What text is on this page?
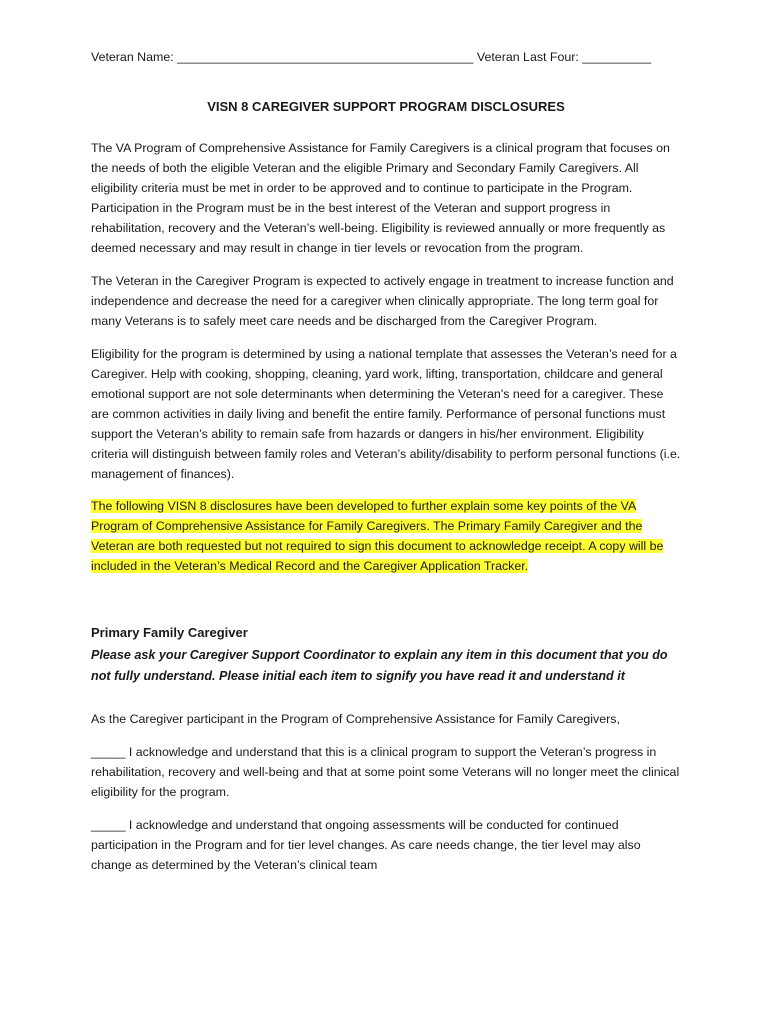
Veteran Name: ___________________________________________ Veteran Last Four: __________
VISN 8 CAREGIVER SUPPORT PROGRAM DISCLOSURES

The VA Program of Comprehensive Assistance for Family Caregivers is a clinical program that focuses on the needs of both the eligible Veteran and the eligible Primary and Secondary Family Caregivers. All eligibility criteria must be met in order to be approved and to continue to participate in the Program. Participation in the Program must be in the best interest of the Veteran and support progress in rehabilitation, recovery and the Veteran’s well-being. Eligibility is reviewed annually or more frequently as deemed necessary and may result in change in tier levels or revocation from the program.

The Veteran in the Caregiver Program is expected to actively engage in treatment to increase function and independence and decrease the need for a caregiver when clinically appropriate. The long term goal for many Veterans is to safely meet care needs and be discharged from the Caregiver Program.

Eligibility for the program is determined by using a national template that assesses the Veteran’s need for a Caregiver. Help with cooking, shopping, cleaning, yard work, lifting, transportation, childcare and general emotional support are not sole determinants when determining the Veteran's need for a caregiver. These are common activities in daily living and benefit the entire family. Performance of personal functions must support the Veteran’s ability to remain safe from hazards or dangers in his/her environment. Eligibility criteria will distinguish between family roles and Veteran’s ability/disability to perform personal functions (i.e. management of finances).

The following VISN 8 disclosures have been developed to further explain some key points of the VA Program of Comprehensive Assistance for Family Caregivers. The Primary Family Caregiver and the Veteran are both requested but not required to sign this document to acknowledge receipt. A copy will be included in the Veteran’s Medical Record and the Caregiver Application Tracker.

Primary Family Caregiver

Please ask your Caregiver Support Coordinator to explain any item in this document that you do not fully understand. Please initial each item to signify you have read it and understand it

As the Caregiver participant in the Program of Comprehensive Assistance for Family Caregivers,

_____ I acknowledge and understand that this is a clinical program to support the Veteran’s progress in rehabilitation, recovery and well-being and that at some point some Veterans will no longer meet the clinical eligibility for the program.

_____ I acknowledge and understand that ongoing assessments will be conducted for continued participation in the Program and for tier level changes. As care needs change, the tier level may also change as determined by the Veteran’s clinical team
